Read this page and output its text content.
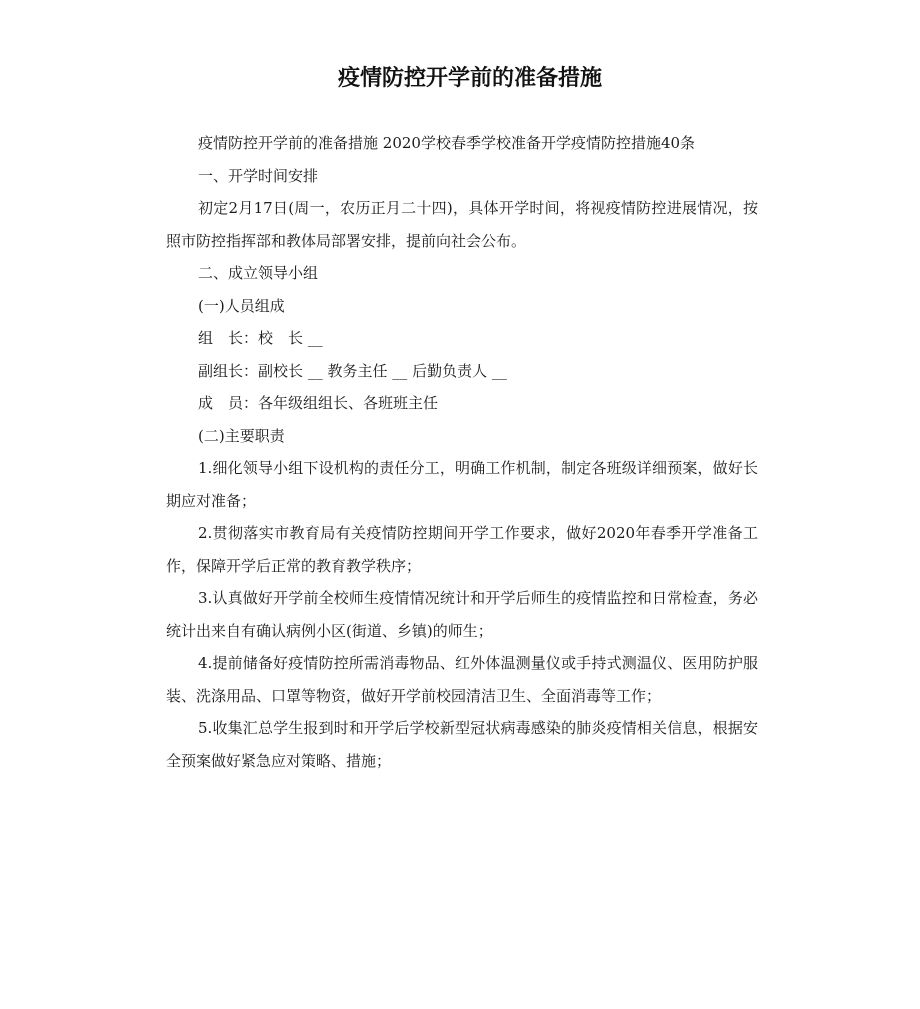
疫情防控开学前的准备措施

疫情防控开学前的准备措施 2020学校春季学校准备开学疫情防控措施40条

一、开学时间安排

初定2月17日(周一，农历正月二十四)，具体开学时间，将视疫情防控进展情况，按照市防控指挥部和教体局部署安排，提前向社会公布。

二、成立领导小组

(一)人员组成

组　长：校　长 __

副组长：副校长 __ 教务主任 __ 后勤负责人 __

成　员：各年级组组长、各班班主任

(二)主要职责

1.细化领导小组下设机构的责任分工，明确工作机制，制定各班级详细预案，做好长期应对准备；

2.贯彻落实市教育局有关疫情防控期间开学工作要求，做好2020年春季开学准备工作，保障开学后正常的教育教学秩序；

3.认真做好开学前全校师生疫情情况统计和开学后师生的疫情监控和日常检查，务必统计出来自有确认病例小区(街道、乡镇)的师生；

4.提前储备好疫情防控所需消毒物品、红外体温测量仪或手持式测温仪、医用防护服装、洗涤用品、口罩等物资，做好开学前校园清洁卫生、全面消毒等工作；

5.收集汇总学生报到时和开学后学校新型冠状病毒感染的肺炎疫情相关信息，根据安全预案做好紧急应对策略、措施；
